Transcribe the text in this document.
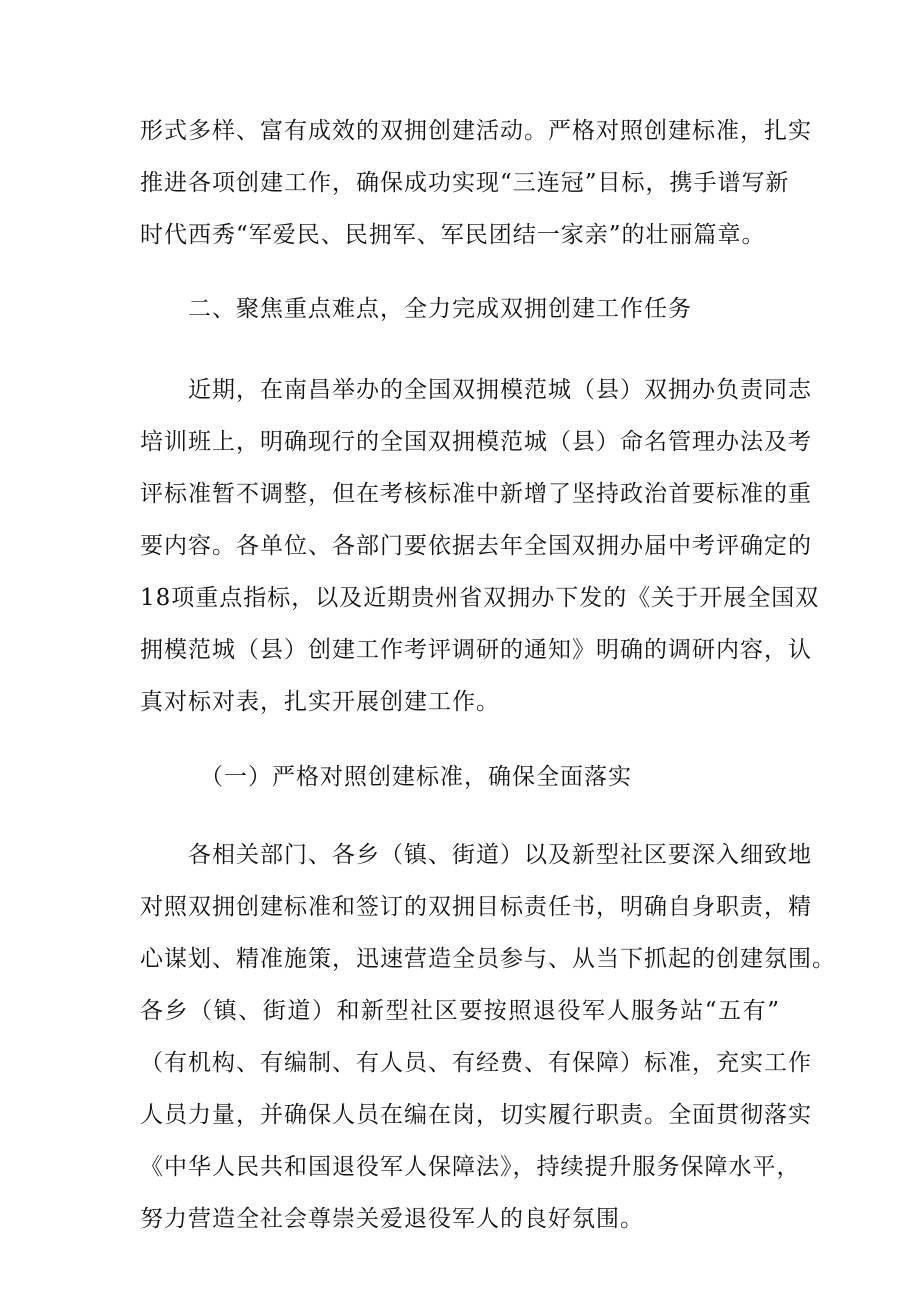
形式多样、富有成效的双拥创建活动。严格对照创建标准，扎实
推进各项创建工作，确保成功实现“三连冠”目标，携手谱写新
时代西秀“军爱民、民拥军、军民团结一家亲”的壮丽篇章。
二、聚焦重点难点，全力完成双拥创建工作任务
近期，在南昌举办的全国双拥模范城（县）双拥办负责同志
培训班上，明确现行的全国双拥模范城（县）命名管理办法及考
评标准暂不调整，但在考核标准中新增了坚持政治首要标准的重
要内容。各单位、各部门要依据去年全国双拥办届中考评确定的
18项重点指标，以及近期贵州省双拥办下发的《关于开展全国双
拥模范城（县）创建工作考评调研的通知》明确的调研内容，认
真对标对表，扎实开展创建工作。
（一）严格对照创建标准，确保全面落实
各相关部门、各乡（镇、街道）以及新型社区要深入细致地
对照双拥创建标准和签订的双拥目标责任书，明确自身职责，精
心谋划、精准施策，迅速营造全员参与、从当下抓起的创建氛围。
各乡（镇、街道）和新型社区要按照退役军人服务站“五有”
（有机构、有编制、有人员、有经费、有保障）标准，充实工作
人员力量，并确保人员在编在岗，切实履行职责。全面贯彻落实
《中华人民共和国退役军人保障法》，持续提升服务保障水平，
努力营造全社会尊崇关爱退役军人的良好氛围。
